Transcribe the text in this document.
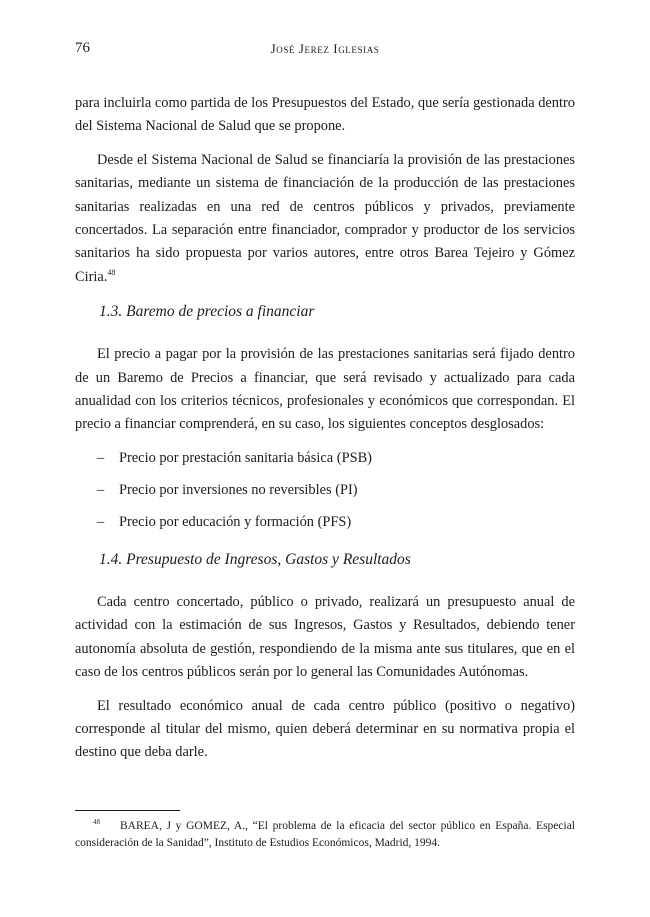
76	José Jerez Iglesias

para incluirla como partida de los Presupuestos del Estado, que sería gestionada dentro del Sistema Nacional de Salud que se propone.

Desde el Sistema Nacional de Salud se financiaría la provisión de las prestaciones sanitarias, mediante un sistema de financiación de la producción de las prestaciones sanitarias realizadas en una red de centros públicos y privados, previamente concertados. La separación entre financiador, comprador y productor de los servicios sanitarios ha sido propuesta por varios autores, entre otros Barea Tejeiro y Gómez Ciria.$^{48}$

1.3. Baremo de precios a financiar

El precio a pagar por la provisión de las prestaciones sanitarias será fijado dentro de un Baremo de Precios a financiar, que será revisado y actualizado para cada anualidad con los criterios técnicos, profesionales y económicos que correspondan. El precio a financiar comprenderá, en su caso, los siguientes conceptos desglosados:

– Precio por prestación sanitaria básica (PSB)
– Precio por inversiones no reversibles (PI)
– Precio por educación y formación (PFS)
1.4. Presupuesto de Ingresos, Gastos y Resultados

Cada centro concertado, público o privado, realizará un presupuesto anual de actividad con la estimación de sus Ingresos, Gastos y Resultados, debiendo tener autonomía absoluta de gestión, respondiendo de la misma ante sus titulares, que en el caso de los centros públicos serán por lo general las Comunidades Autónomas.

El resultado económico anual de cada centro público (positivo o negativo) corresponde al titular del mismo, quien deberá determinar en su normativa propia el destino que deba darle.

$^{48}$ BAREA, J y GOMEZ, A., “El problema de la eficacia del sector público en España. Especial consideración de la Sanidad”, Instituto de Estudios Económicos, Madrid, 1994.
